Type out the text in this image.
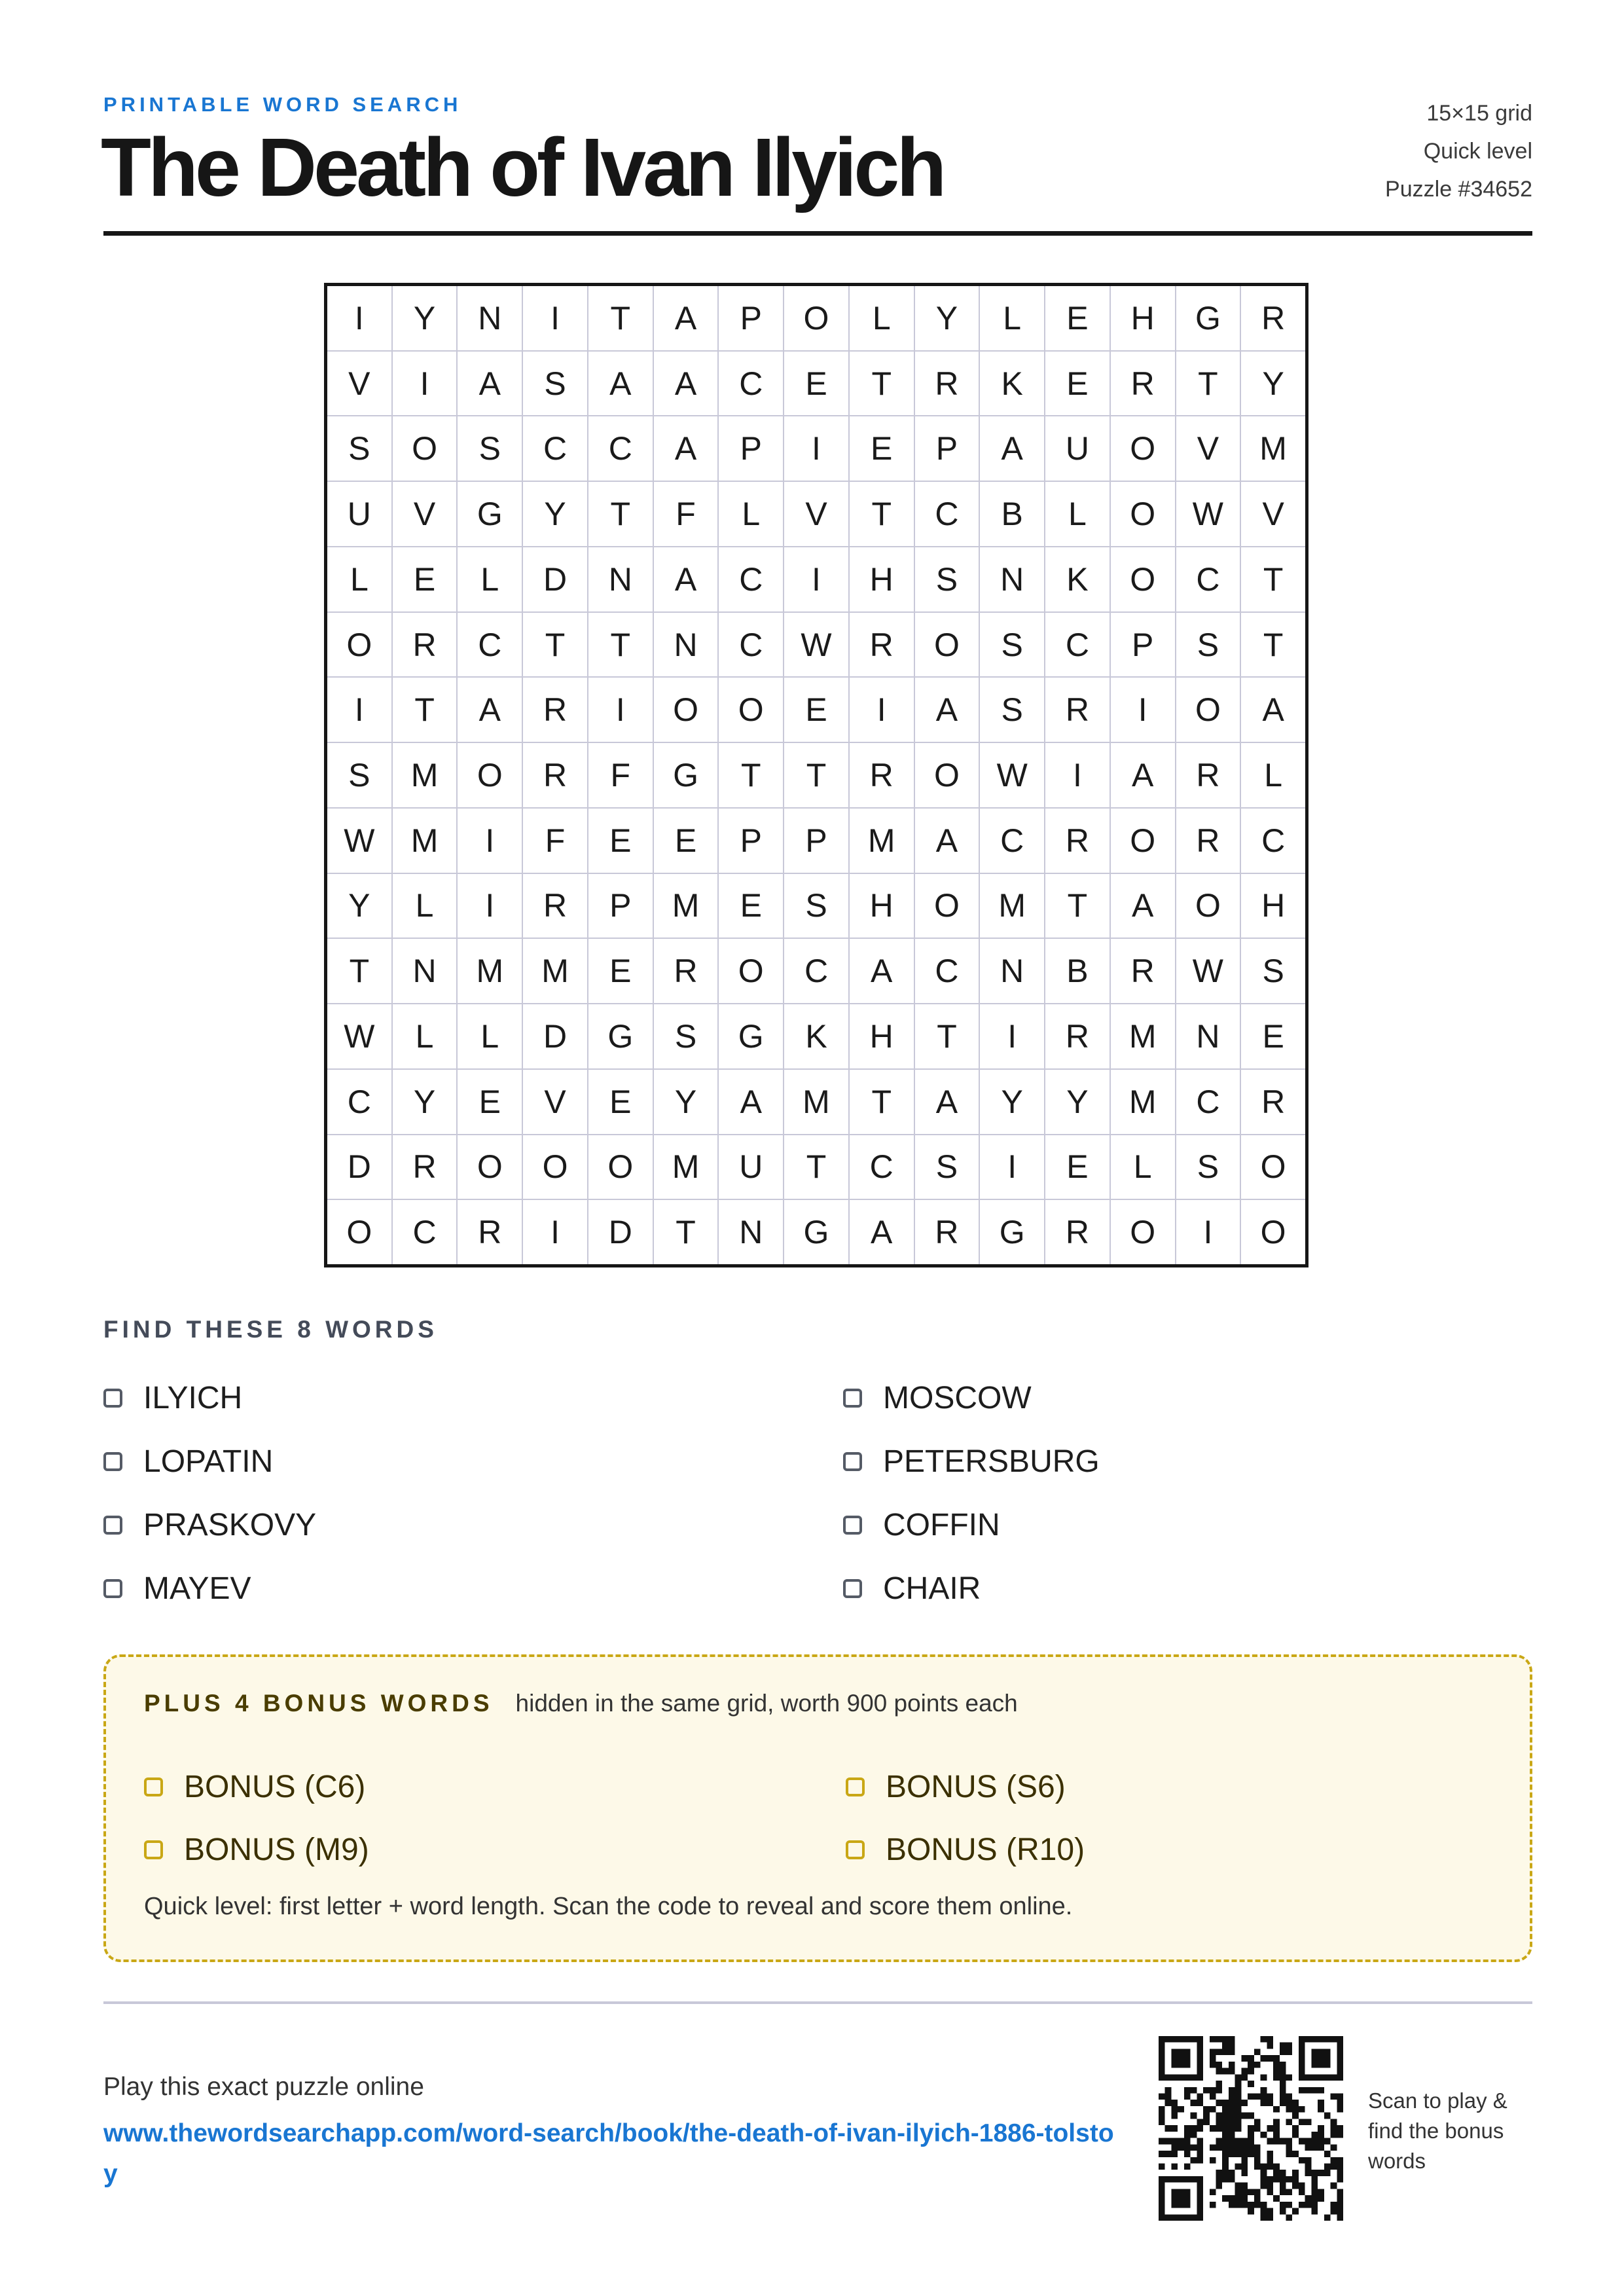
PRINTABLE WORD SEARCH
The Death of Ivan Ilyich
15×15 grid
Quick level
Puzzle #34652
I	Y	N	I	T	A	P	O	L	Y	L	E	H	G	R
V	I	A	S	A	A	C	E	T	R	K	E	R	T	Y
S	O	S	C	C	A	P	I	E	P	A	U	O	V	M
U	V	G	Y	T	F	L	V	T	C	B	L	O	W	V
L	E	L	D	N	A	C	I	H	S	N	K	O	C	T
O	R	C	T	T	N	C	W	R	O	S	C	P	S	T
I	T	A	R	I	O	O	E	I	A	S	R	I	O	A
S	M	O	R	F	G	T	T	R	O	W	I	A	R	L
W	M	I	F	E	E	P	P	M	A	C	R	O	R	C
Y	L	I	R	P	M	E	S	H	O	M	T	A	O	H
T	N	M	M	E	R	O	C	A	C	N	B	R	W	S
W	L	L	D	G	S	G	K	H	T	I	R	M	N	E
C	Y	E	V	E	Y	A	M	T	A	Y	Y	M	C	R
D	R	O	O	O	M	U	T	C	S	I	E	L	S	O
O	C	R	I	D	T	N	G	A	R	G	R	O	I	O
FIND THESE 8 WORDS
ILYICH	MOSCOW
LOPATIN	PETERSBURG
PRASKOVY	COFFIN
MAYEV	CHAIR
PLUS 4 BONUS WORDS hidden in the same grid, worth 900 points each
BONUS (C6)	BONUS (S6)
BONUS (M9)	BONUS (R10)
Quick level: first letter + word length. Scan the code to reveal and score them online.
Play this exact puzzle online
www.thewordsearchapp.com/word-search/book/the-death-of-ivan-ilyich-1886-tolstoy
Scan to play & find the bonus words
